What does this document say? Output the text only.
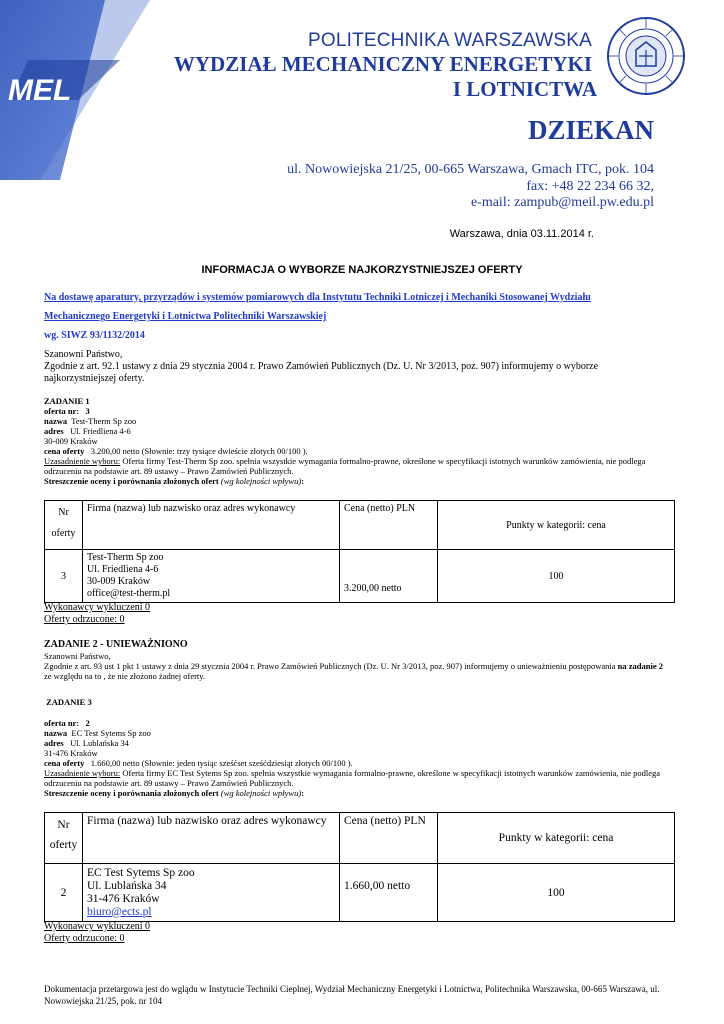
MEL
POLITECHNIKA WARSZAWSKA
WYDZIAŁ MECHANICZNY ENERGETYKI
I LOTNICTWA
DZIEKAN
ul. Nowowiejska 21/25, 00-665 Warszawa, Gmach ITC, pok. 104
fax: +48 22 234 66 32,
e-mail: zampub@meil.pw.edu.pl
Warszawa, dnia 03.11.2014 r.
INFORMACJA O WYBORZE NAJKORZYSTNIEJSZEJ OFERTY
Na dostawę aparatury, przyrządów i systemów pomiarowych dla Instytutu Techniki Lotniczej i Mechaniki Stosowanej Wydziału
Mechanicznego Energetyki i Lotnictwa Politechniki Warszawskiej
wg. SIWZ 93/1132/2014
Szanowni Państwo,
Zgodnie z art. 92.1 ustawy z dnia 29 stycznia 2004 r. Prawo Zamówień Publicznych (Dz. U. Nr 3/2013, poz. 907) informujemy o wyborze najkorzystniejszej oferty.
ZADANIE 1
oferta nr: 3
nazwa Test-Therm Sp zoo
adres Ul. Friedliena 4-6
30-009 Kraków
cena oferty 3.200,00 netto (Słownie: trzy tysiące dwieście złotych 00/100 ).
Uzasadnienie wyboru: Oferta firmy Test-Therm Sp zoo. spełnia wszystkie wymagania formalno-prawne, określone w specyfikacji istotnych warunków zamówienia, nie podlega odrzuceniu na podstawie art. 89 ustawy – Prawo Zamówień Publicznych.
Streszczenie oceny i porównania złożonych ofert (wg kolejności wpływu):
Nr
oferty	Firma (nazwa) lub nazwisko oraz adres wykonawcy	Cena (netto) PLN	Punkty w kategorii: cena
3	Test-Therm Sp zoo
Ul. Friedliena 4-6
30-009 Kraków
office@test-therm.pl	3.200,00 netto	100
Wykonawcy wykluczeni 0
Oferty odrzucone: 0
ZADANIE 2 - UNIEWAŻNIONO
Szanowni Państwo,
Zgodnie z art. 93 ust 1 pkt 1 ustawy z dnia 29 stycznia 2004 r. Prawo Zamówień Publicznych (Dz. U. Nr 3/2013, poz. 907) informujemy o unieważnieniu postępowania na zadanie 2 ze względu na to , że nie złożono żadnej oferty.
ZADANIE 3
oferta nr: 2
nazwa EC Test Sytems Sp zoo
adres Ul. Lublańska 34
31-476 Kraków
cena oferty 1.660,00 netto (Słownie: jeden tysiąc sześćset sześćdziesiąt złotych 00/100 ).
Uzasadnienie wyboru: Oferta firmy EC Test Sytems Sp zoo. spełnia wszystkie wymagania formalno-prawne, określone w specyfikacji istotnych warunków zamówienia, nie podlega odrzuceniu na podstawie art. 89 ustawy – Prawo Zamówień Publicznych.
Streszczenie oceny i porównania złożonych ofert (wg kolejności wpływu):
Nr
oferty	Firma (nazwa) lub nazwisko oraz adres wykonawcy	Cena (netto) PLN	Punkty w kategorii: cena
2	EC Test Sytems Sp zoo
Ul. Lublańska 34
31-476 Kraków
biuro@ects.pl	1.660,00 netto	100
Wykonawcy wykluczeni 0
Oferty odrzucone: 0
Dokumentacja przetargowa jest do wglądu w Instytucie Techniki Cieplnej, Wydział Mechaniczny Energetyki i Lotnictwa, Politechnika Warszawska, 00-665 Warszawa, ul. Nowowiejska 21/25, pok. nr 104
